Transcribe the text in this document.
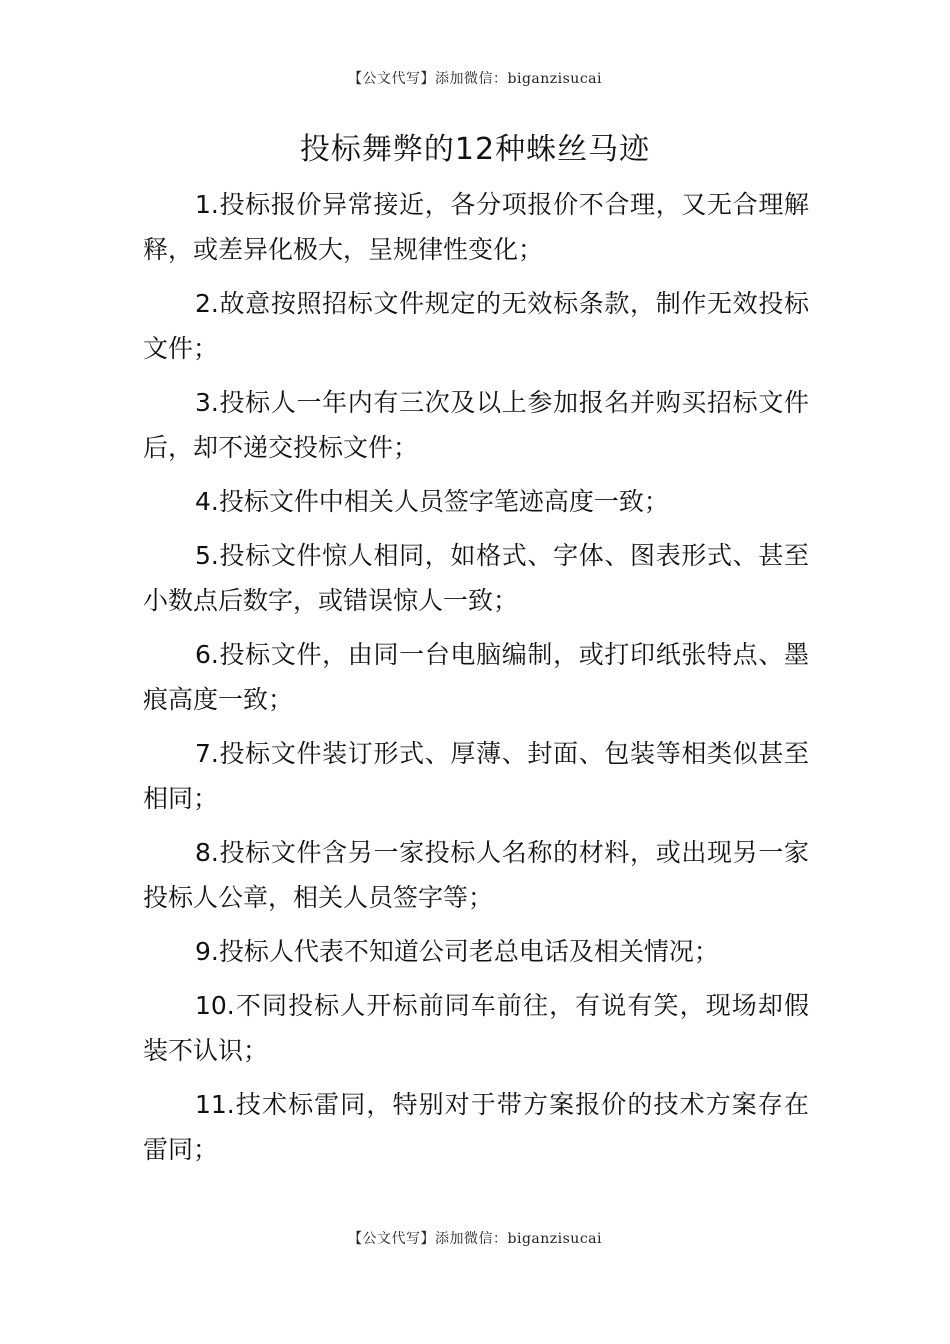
【公文代写】添加微信：biganzisucai
投标舞弊的12种蛛丝马迹

1.投标报价异常接近，各分项报价不合理，又无合理解释，或差异化极大，呈规律性变化；

2.故意按照招标文件规定的无效标条款，制作无效投标文件；

3.投标人一年内有三次及以上参加报名并购买招标文件后，却不递交投标文件；

4.投标文件中相关人员签字笔迹高度一致；

5.投标文件惊人相同，如格式、字体、图表形式、甚至小数点后数字，或错误惊人一致；

6.投标文件，由同一台电脑编制，或打印纸张特点、墨痕高度一致；

7.投标文件装订形式、厚薄、封面、包装等相类似甚至相同；

8.投标文件含另一家投标人名称的材料，或出现另一家投标人公章，相关人员签字等；

9.投标人代表不知道公司老总电话及相关情况；

10.不同投标人开标前同车前往，有说有笑，现场却假装不认识；

11.技术标雷同，特别对于带方案报价的技术方案存在雷同；

【公文代写】添加微信：biganzisucai
